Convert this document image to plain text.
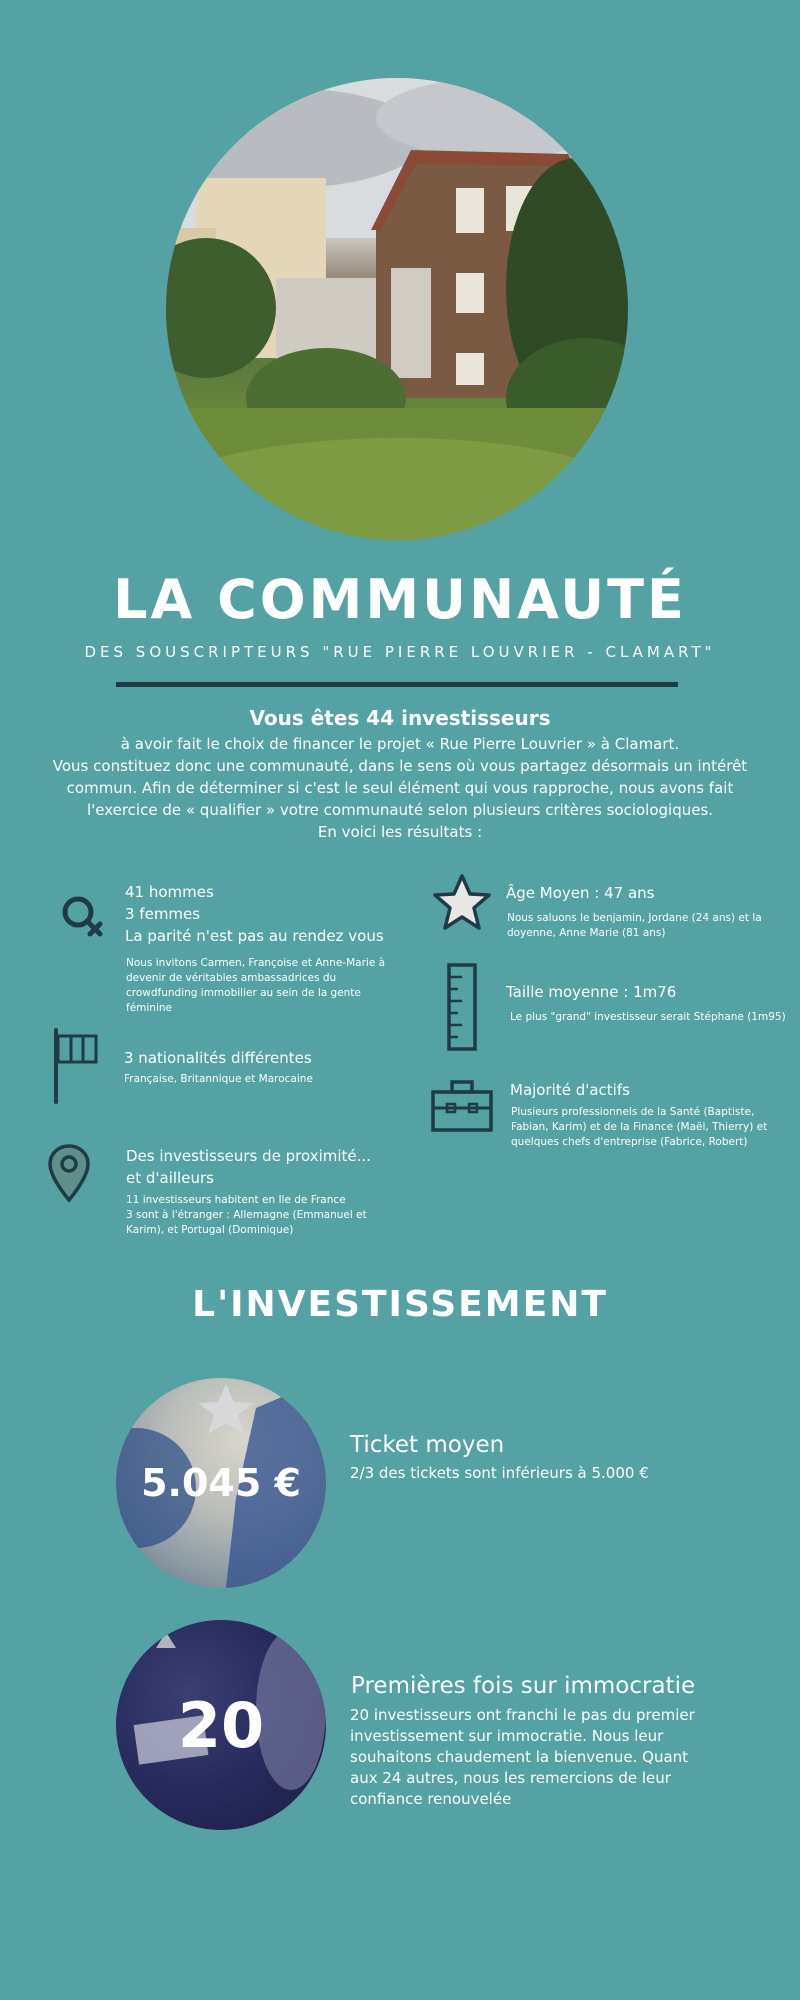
LA COMMUNAUTÉ
DES SOUSCRIPTEURS "RUE PIERRE LOUVRIER - CLAMART"
Vous êtes 44 investisseurs
à avoir fait le choix de financer le projet « Rue Pierre Louvrier » à Clamart.
Vous constituez donc une communauté, dans le sens où vous partagez désormais un intérêt
commun. Afin de déterminer si c'est le seul élément qui vous rapproche, nous avons fait
l'exercice de « qualifier » votre communauté selon plusieurs critères sociologiques.
En voici les résultats :
41 hommes
3 femmes
La parité n'est pas au rendez vous
Nous invitons Carmen, Françoise et Anne-Marie à
devenir de véritables ambassadrices du
crowdfunding immobilier au sein de la gente
féminine
3 nationalités différentes
Française, Britannique et Marocaine
Des investisseurs de proximité...
et d'ailleurs
11 investisseurs habitent en Ile de France
3 sont à l'étranger : Allemagne (Emmanuel et
Karim), et Portugal (Dominique)
Âge Moyen : 47 ans
Nous saluons le benjamin, Jordane (24 ans) et la
doyenne, Anne Marie (81 ans)
Taille moyenne : 1m76
Le plus "grand" investisseur serait Stéphane (1m95)
Majorité d'actifs
Plusieurs professionnels de la Santé (Baptiste,
Fabian, Karim) et de la Finance (Maël, Thierry) et
quelques chefs d'entreprise (Fabrice, Robert)
L'INVESTISSEMENT
5.045 €
Ticket moyen
2/3 des tickets sont inférieurs à 5.000 €
20
Premières fois sur immocratie
20 investisseurs ont franchi le pas du premier
investissement sur immocratie. Nous leur
souhaitons chaudement la bienvenue. Quant
aux 24 autres, nous les remercions de leur
confiance renouvelée
